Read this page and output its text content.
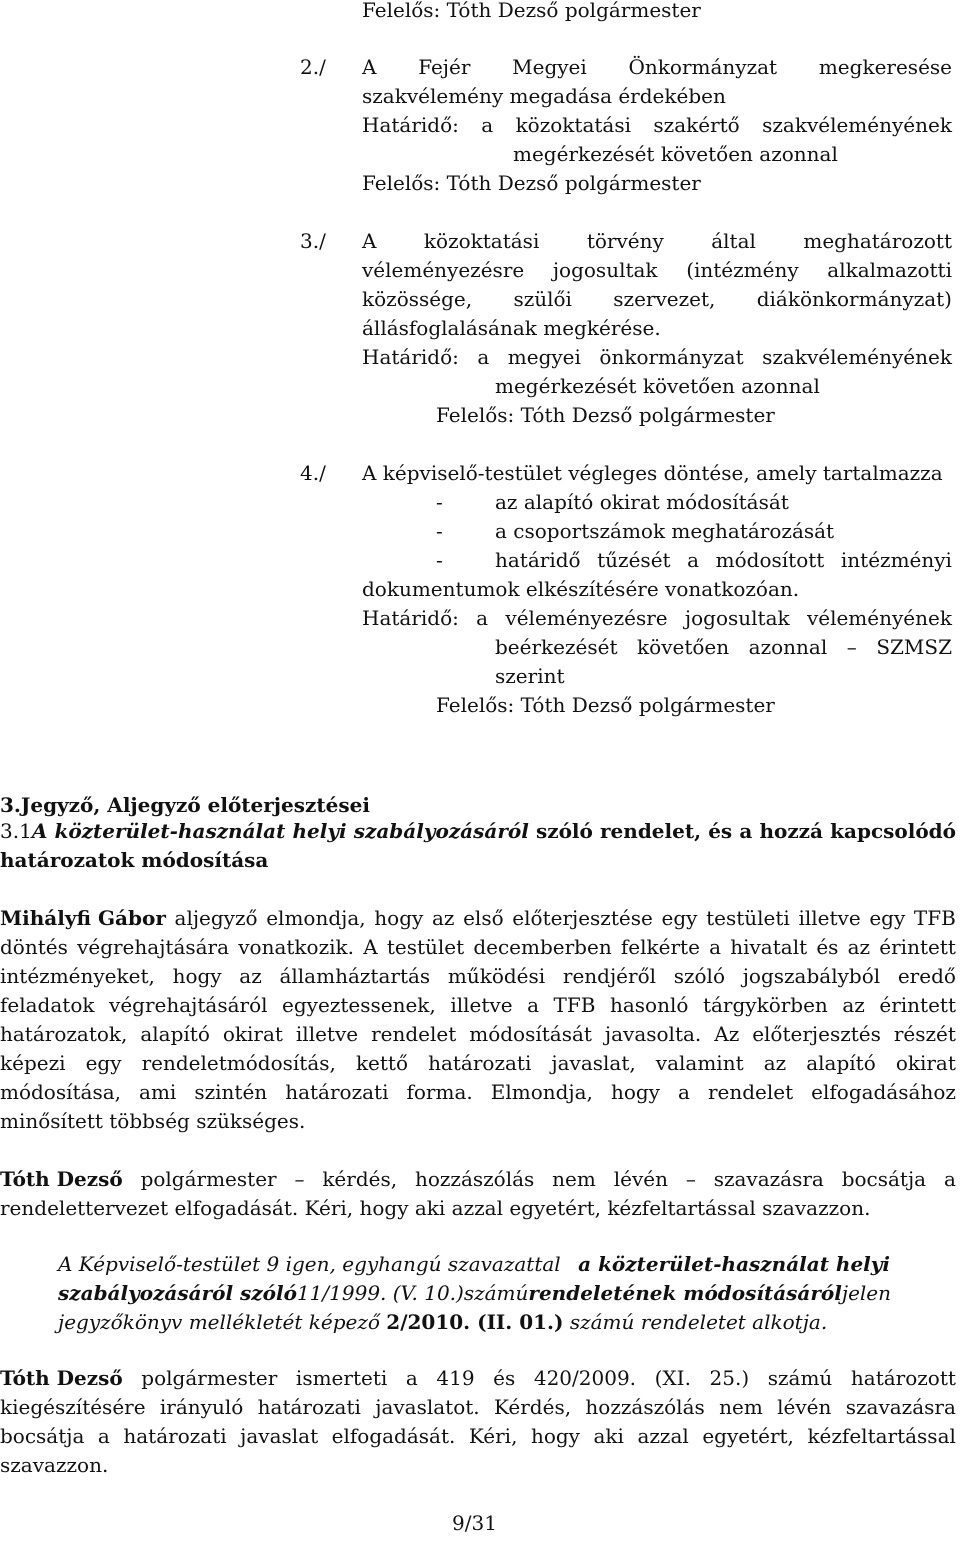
Felelős: Tóth Dezső polgármester

2./ A Fejér Megyei Önkormányzat megkeresése

szakvélemény megadása érdekében

Határidő: a közoktatási szakértő szakvéleményének

megérkezését követően azonnal

Felelős: Tóth Dezső polgármester

3./ A közoktatási törvény által meghatározott
véleményezésre jogosultak (intézmény alkalmazotti
közössége, szülői szervezet, diákönkormányzat)

állásfoglalásának megkérése.

Határidő: a megyei önkormányzat szakvéleményének

megérkezését követően azonnal

Felelős: Tóth Dezső polgármester

4./ A képviselő-testület végleges döntése, amely tartalmazza

-	az alapító okirat módosítását

-	a csoportszámok meghatározását

-	határidő tűzését a módosított intézményi

dokumentumok elkészítésére vonatkozóan.

Határidő: a véleményezésre jogosultak véleményének
beérkezését követően azonnal – SZMSZ

szerint

Felelős: Tóth Dezső polgármester

3.Jegyző, Aljegyző előterjesztései

3.1 A közterület-használat helyi szabályozásáról szóló rendelet, és a hozzá kapcsolódó

határozatok módosítása

Mihályfi Gábor aljegyző elmondja, hogy az első előterjesztése egy testületi illetve egy TFB
döntés végrehajtására vonatkozik. A testület decemberben felkérte a hivatalt és az érintett
intézményeket, hogy az államháztartás működési rendjéről szóló jogszabályból eredő
feladatok végrehajtásáról egyeztessenek, illetve a TFB hasonló tárgykörben az érintett
határozatok, alapító okirat illetve rendelet módosítását javasolta. Az előterjesztés részét
képezi egy rendeletmódosítás, kettő határozati javaslat, valamint az alapító okirat
módosítása, ami szintén határozati forma. Elmondja, hogy a rendelet elfogadásához

minősített többség szükséges.

Tóth Dezső polgármester – kérdés, hozzászólás nem lévén – szavazásra bocsátja a

rendelettervezet elfogadását. Kéri, hogy aki azzal egyetért, kézfeltartással szavazzon.

A Képviselő-testület 9 igen, egyhangú szavazattal a közterület-használat helyi
szabályozásáról szóló 11/1999. (V. 10.) számú rendeletének módosításáról jelen
jegyzőkönyv mellékletét képező 2/2010. (II. 01.) számú rendeletet alkotja.
Tóth Dezső polgármester ismerteti a 419 és 420/2009. (XI. 25.) számú határozott
kiegészítésére irányuló határozati javaslatot. Kérdés, hozzászólás nem lévén szavazásra
bocsátja a határozati javaslat elfogadását. Kéri, hogy aki azzal egyetért, kézfeltartással

szavazzon.

9/31
